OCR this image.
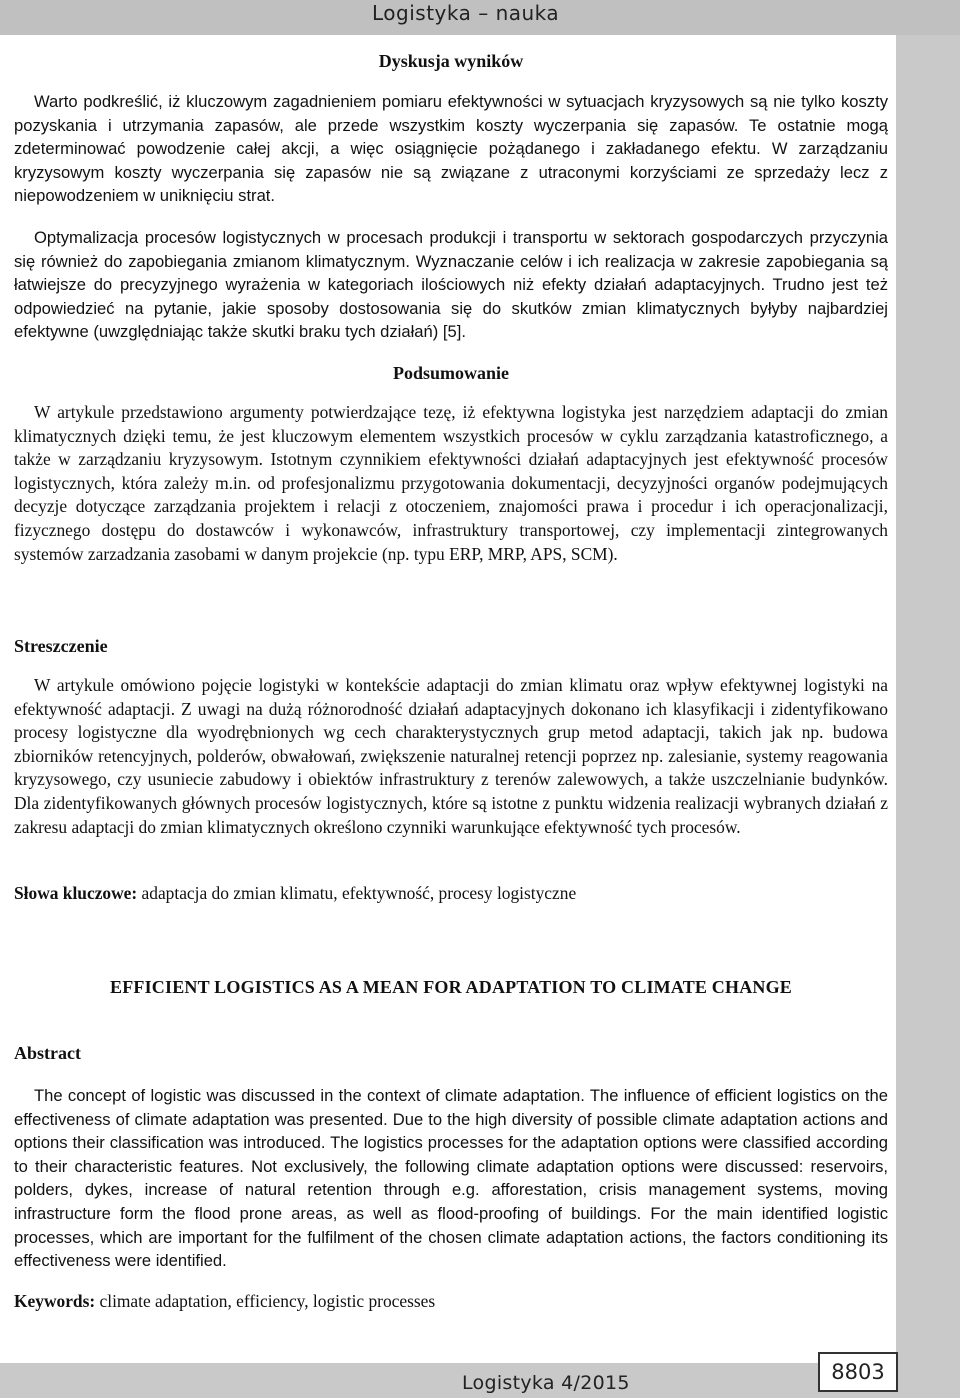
Logistyka – nauka
Dyskusja wyników

Warto podkreślić, iż kluczowym zagadnieniem pomiaru efektywności w sytuacjach kryzysowych są nie tylko koszty pozyskania i utrzymania zapasów, ale przede wszystkim koszty wyczerpania się zapasów. Te ostatnie mogą zdeterminować powodzenie całej akcji, a więc osiągnięcie pożądanego i zakładanego efektu. W zarządzaniu kryzysowym koszty wyczerpania się zapasów nie są związane z utraconymi korzyściami ze sprzedaży lecz z niepowodzeniem w uniknięciu strat.

Optymalizacja procesów logistycznych w procesach produkcji i transportu w sektorach gospodarczych przyczynia się również do zapobiegania zmianom klimatycznym. Wyznaczanie celów i ich realizacja w zakresie zapobiegania są łatwiejsze do precyzyjnego wyrażenia w kategoriach ilościowych niż efekty działań adaptacyjnych. Trudno jest też odpowiedzieć na pytanie, jakie sposoby dostosowania się do skutków zmian klimatycznych byłyby najbardziej efektywne (uwzględniając także skutki braku tych działań) [5].

Podsumowanie

W artykule przedstawiono argumenty potwierdzające tezę, iż efektywna logistyka jest narzędziem adaptacji do zmian klimatycznych dzięki temu, że jest kluczowym elementem wszystkich procesów w cyklu zarządzania katastroficznego, a także w zarządzaniu kryzysowym. Istotnym czynnikiem efektywności działań adaptacyjnych jest efektywność procesów logistycznych, która zależy m.in. od profesjonalizmu przygotowania dokumentacji, decyzyjności organów podejmujących decyzje dotyczące zarządzania projektem i relacji z otoczeniem, znajomości prawa i procedur i ich operacjonalizacji, fizycznego dostępu do dostawców i wykonawców, infrastruktury transportowej, czy implementacji zintegrowanych systemów zarzadzania zasobami w danym projekcie (np. typu ERP, MRP, APS, SCM).

Streszczenie

W artykule omówiono pojęcie logistyki w kontekście adaptacji do zmian klimatu oraz wpływ efektywnej logistyki na efektywność adaptacji. Z uwagi na dużą różnorodność działań adaptacyjnych dokonano ich klasyfikacji i zidentyfikowano procesy logistyczne dla wyodrębnionych wg cech charakterystycznych grup metod adaptacji, takich jak np. budowa zbiorników retencyjnych, polderów, obwałowań, zwiększenie naturalnej retencji poprzez np. zalesianie, systemy reagowania kryzysowego, czy usuniecie zabudowy i obiektów infrastruktury z terenów zalewowych, a także uszczelnianie budynków. Dla zidentyfikowanych głównych procesów logistycznych, które są istotne z punktu widzenia realizacji wybranych działań z zakresu adaptacji do zmian klimatycznych określono czynniki warunkujące efektywność tych procesów.

Słowa kluczowe: adaptacja do zmian klimatu, efektywność, procesy logistyczne
EFFICIENT LOGISTICS AS A MEAN FOR ADAPTATION TO CLIMATE CHANGE
Abstract

The concept of logistic was discussed in the context of climate adaptation. The influence of efficient logistics on the effectiveness of climate adaptation was presented. Due to the high diversity of possible climate adaptation actions and options their classification was introduced. The logistics processes for the adaptation options were classified according to their characteristic features. Not exclusively, the following climate adaptation options were discussed: reservoirs, polders, dykes, increase of natural retention through e.g. afforestation, crisis management systems, moving infrastructure form the flood prone areas, as well as flood-proofing of buildings. For the main identified logistic processes, which are important for the fulfilment of the chosen climate adaptation actions, the factors conditioning its effectiveness were identified.

Keywords: climate adaptation, efficiency, logistic processes
Logistyka 4/2015	8803
